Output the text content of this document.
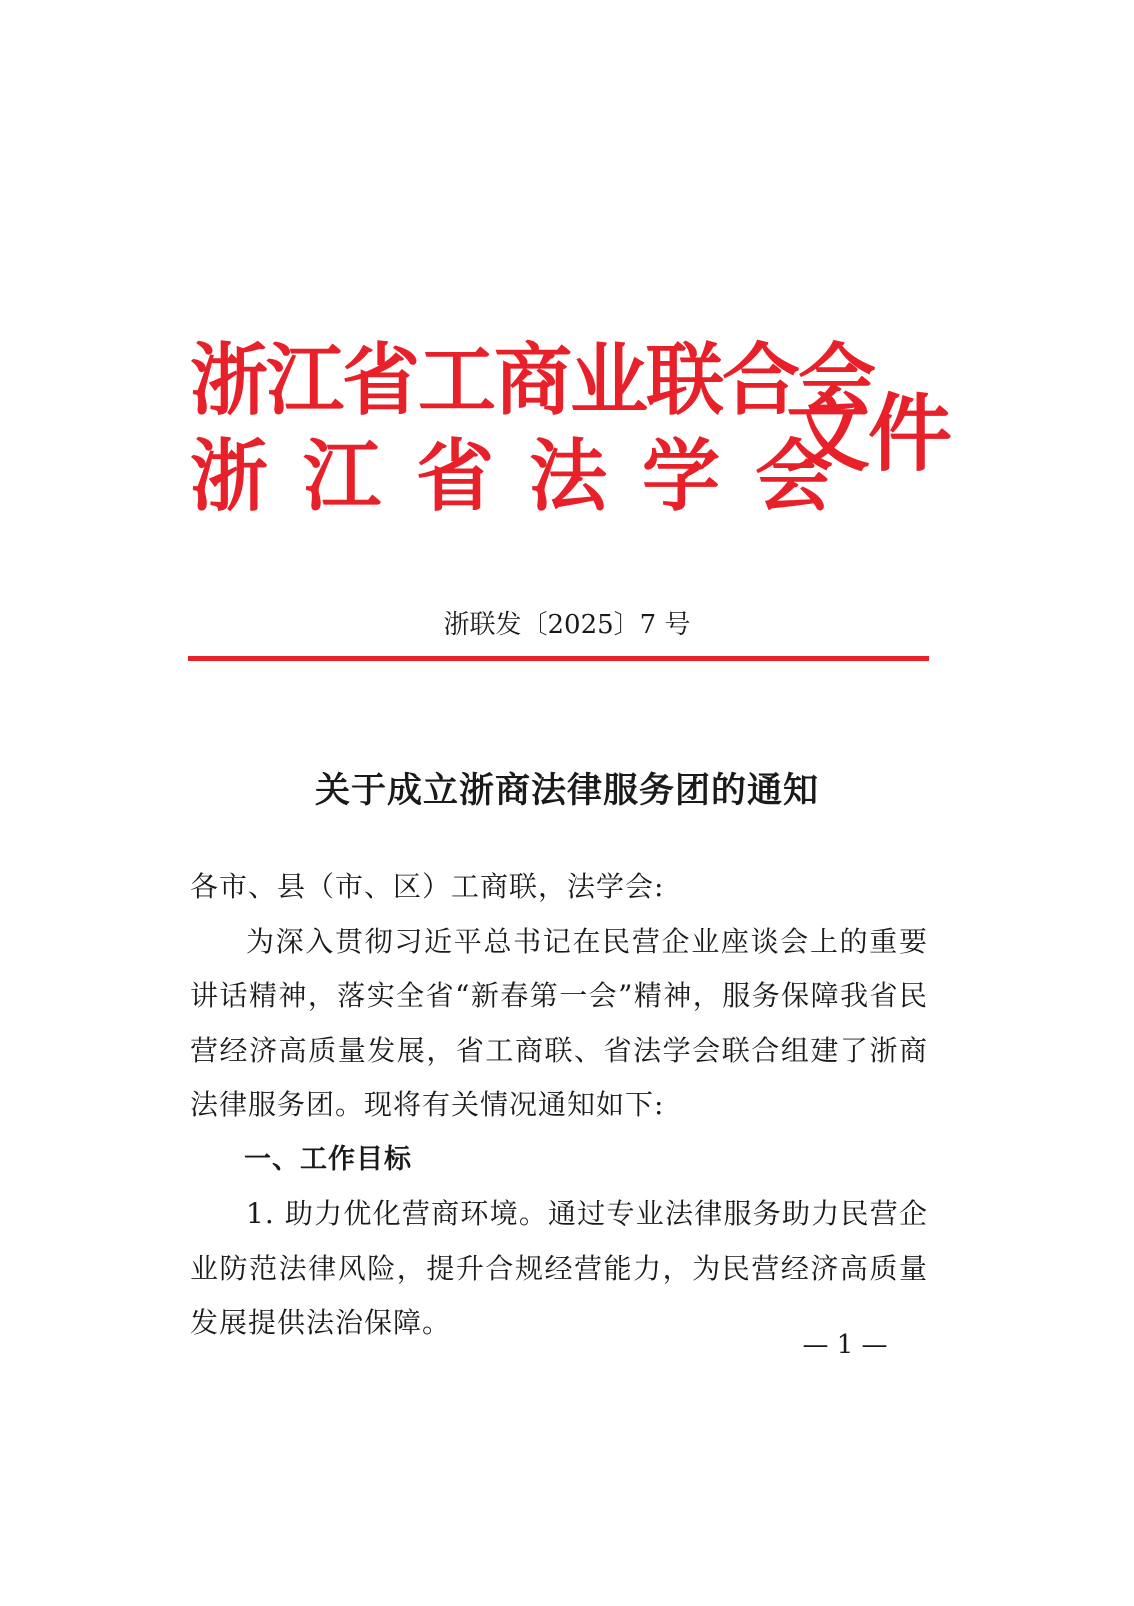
浙江省工商业联合会
浙江省法学会
文件
浙联发〔2025〕7 号
关于成立浙商法律服务团的通知

各市、县（市、区）工商联，法学会:

为深入贯彻习近平总书记在民营企业座谈会上的重要讲话精神，落实全省“新春第一会”精神，服务保障我省民营经济高质量发展，省工商联、省法学会联合组建了浙商法律服务团。现将有关情况通知如下:

一、工作目标

1. 助力优化营商环境。通过专业法律服务助力民营企业防范法律风险，提升合规经营能力，为民营经济高质量发展提供法治保障。

— 1 —
